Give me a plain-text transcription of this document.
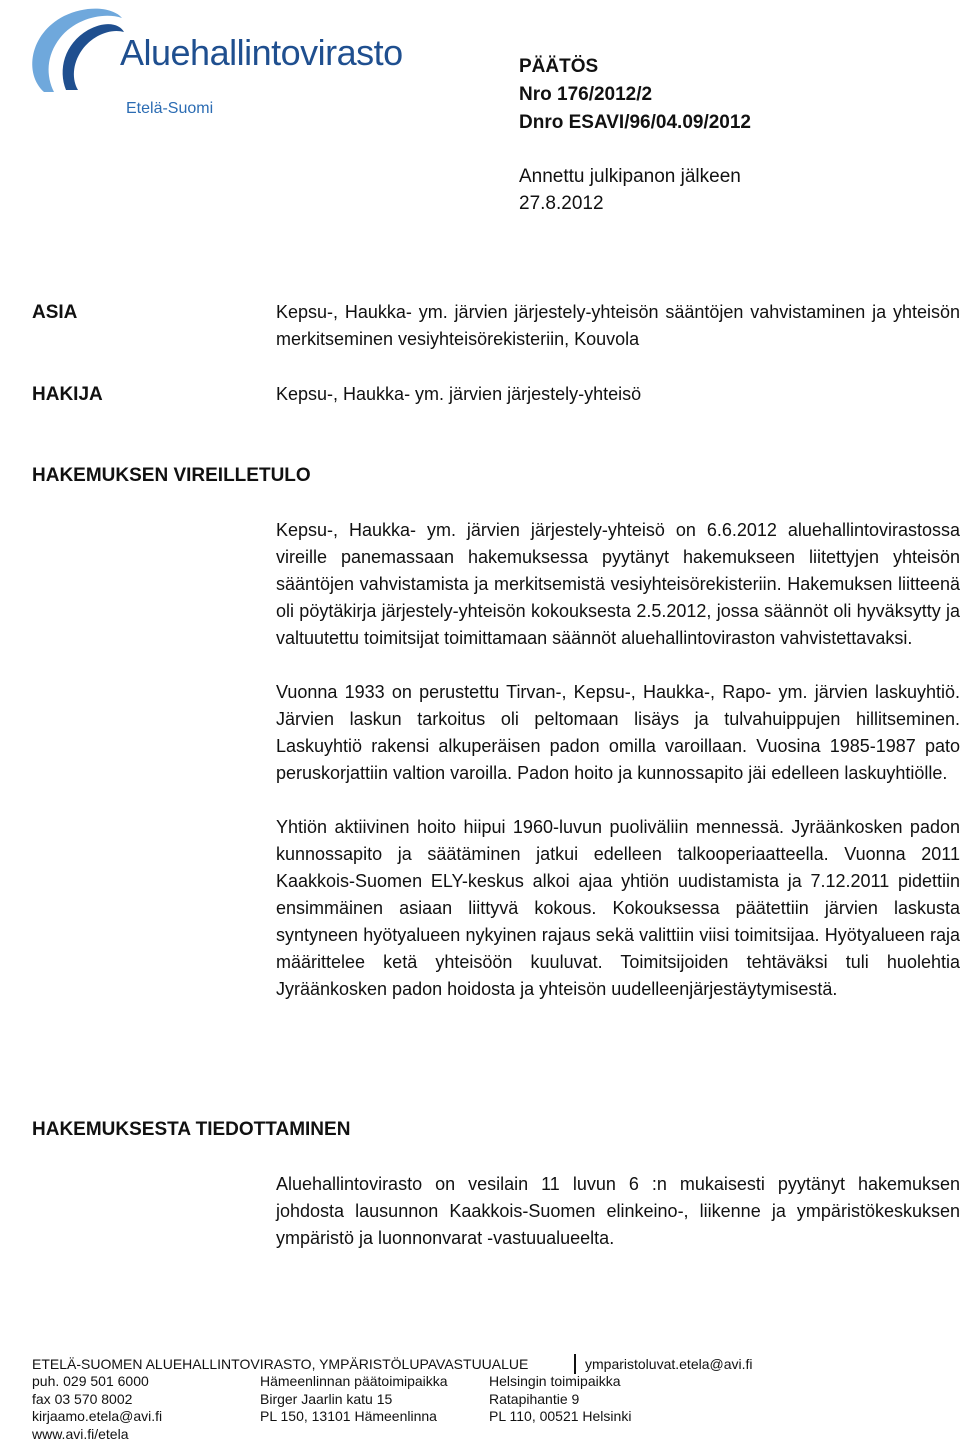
Aluehallintovirasto
Etelä-Suomi
PÄÄTÖS
Nro 176/2012/2
Dnro ESAVI/96/04.09/2012
Annettu julkipanon jälkeen
27.8.2012
ASIA	Kepsu-, Haukka- ym. järvien järjestely-yhteisön sääntöjen vahvistaminen ja yhteisön merkitseminen vesiyhteisörekisteriin, Kouvola
HAKIJA	Kepsu-, Haukka- ym. järvien järjestely-yhteisö
HAKEMUKSEN VIREILLETULO

Kepsu-, Haukka- ym. järvien järjestely-yhteisö on 6.6.2012 aluehallintovirastossa vireille panemassaan hakemuksessa pyytänyt hakemukseen liitettyjen yhteisön sääntöjen vahvistamista ja merkitsemistä vesiyhteisörekisteriin. Hakemuksen liitteenä oli pöytäkirja järjestely-yhteisön kokouksesta 2.5.2012, jossa säännöt oli hyväksytty ja valtuutettu toimitsijat toimittamaan säännöt aluehallintoviraston vahvistettavaksi.

Vuonna 1933 on perustettu Tirvan-, Kepsu-, Haukka-, Rapo- ym. järvien laskuyhtiö. Järvien laskun tarkoitus oli peltomaan lisäys ja tulvahuippujen hillitseminen. Laskuyhtiö rakensi alkuperäisen padon omilla varoillaan. Vuosina 1985-1987 pato peruskorjattiin valtion varoilla. Padon hoito ja kunnossapito jäi edelleen laskuyhtiölle.

Yhtiön aktiivinen hoito hiipui 1960-luvun puoliväliin mennessä. Jyräänkosken padon kunnossapito ja säätäminen jatkui edelleen talkooperiaatteella. Vuonna 2011 Kaakkois-Suomen ELY-keskus alkoi ajaa yhtiön uudistamista ja 7.12.2011 pidettiin ensimmäinen asiaan liittyvä kokous. Kokouksessa päätettiin järvien laskusta syntyneen hyötyalueen nykyinen rajaus sekä valittiin viisi toimitsijaa. Hyötyalueen raja määrittelee ketä yhteisöön kuuluvat. Toimitsijoiden tehtäväksi tuli huolehtia Jyräänkosken padon hoidosta ja yhteisön uudelleenjärjestäytymisestä.

HAKEMUKSESTA TIEDOTTAMINEN
Aluehallintovirasto on vesilain 11 luvun 6 :n mukaisesti pyytänyt hakemuksen johdosta lausunnon Kaakkois-Suomen elinkeino-, liikenne ja ympäristökeskuksen ympäristö ja luonnonvarat -vastuualueelta.
ETELÄ-SUOMEN ALUEHALLINTOVIRASTO, YMPÄRISTÖLUPAVASTUUALUE	ymparistoluvat.etela@avi.fi
puh. 029 501 6000
fax 03 570 8002
kirjaamo.etela@avi.fi
www.avi.fi/etela
Hämeenlinnan päätoimipaikka
Birger Jaarlin katu 15
PL 150, 13101 Hämeenlinna
Helsingin toimipaikka
Ratapihantie 9
PL 110, 00521 Helsinki
